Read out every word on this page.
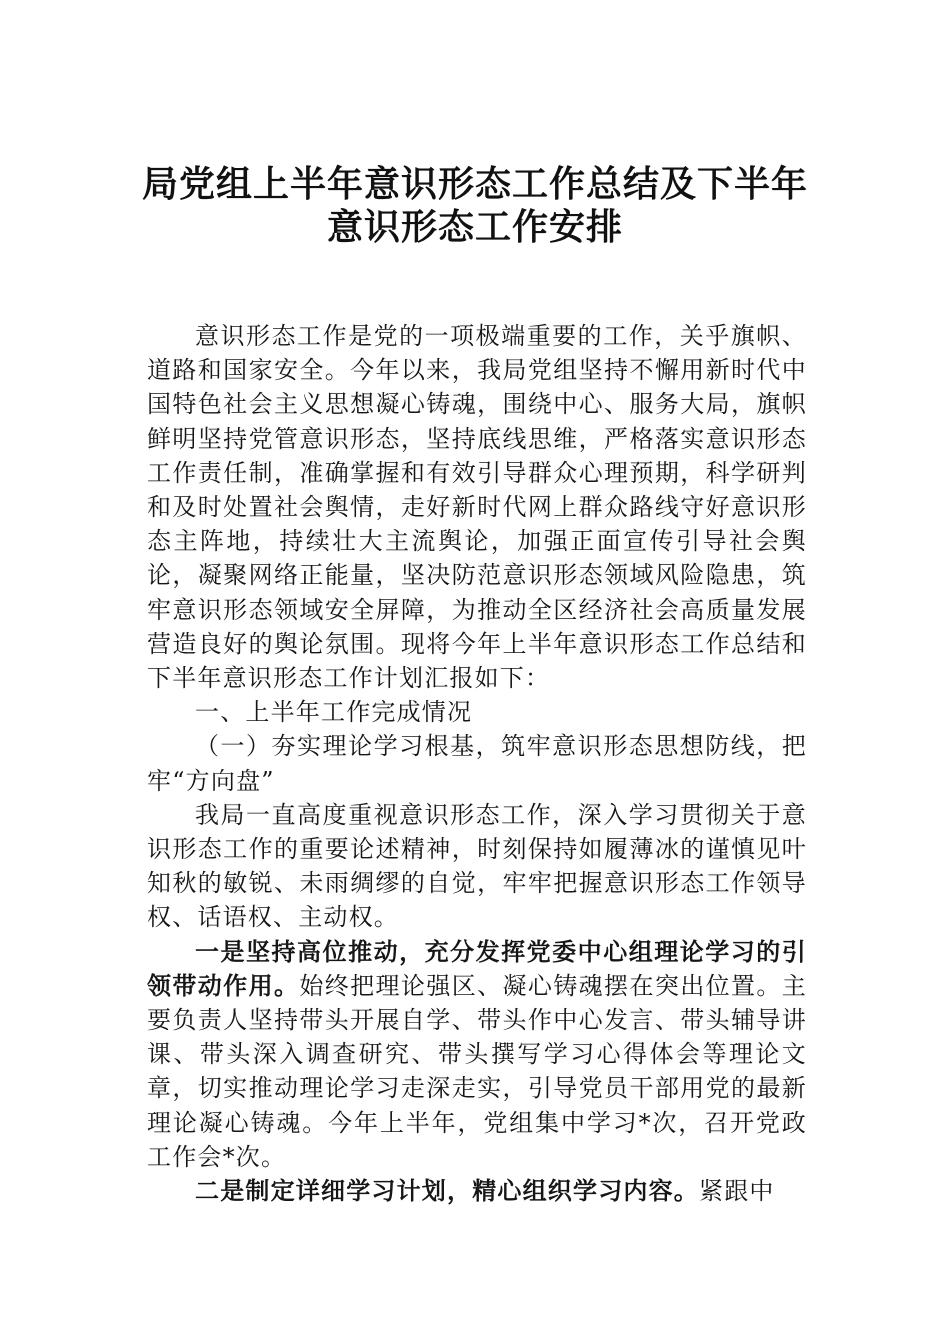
局党组上半年意识形态工作总结及下半年
意识形态工作安排

意识形态工作是党的一项极端重要的工作，关乎旗帜、道路和国家安全。今年以来，我局党组坚持不懈用新时代中国特色社会主义思想凝心铸魂，围绕中心、服务大局，旗帜鲜明坚持党管意识形态，坚持底线思维，严格落实意识形态工作责任制，准确掌握和有效引导群众心理预期，科学研判和及时处置社会舆情，走好新时代网上群众路线守好意识形态主阵地，持续壮大主流舆论，加强正面宣传引导社会舆论，凝聚网络正能量，坚决防范意识形态领域风险隐患，筑牢意识形态领域安全屏障，为推动全区经济社会高质量发展营造良好的舆论氛围。现将今年上半年意识形态工作总结和下半年意识形态工作计划汇报如下：

一、上半年工作完成情况

（一）夯实理论学习根基，筑牢意识形态思想防线，把牢“方向盘”

我局一直高度重视意识形态工作，深入学习贯彻关于意识形态工作的重要论述精神，时刻保持如履薄冰的谨慎见叶知秋的敏锐、未雨绸缪的自觉，牢牢把握意识形态工作领导权、话语权、主动权。

一是坚持高位推动，充分发挥党委中心组理论学习的引领带动作用。始终把理论强区、凝心铸魂摆在突出位置。主要负责人坚持带头开展自学、带头作中心发言、带头辅导讲课、带头深入调查研究、带头撰写学习心得体会等理论文章，切实推动理论学习走深走实，引导党员干部用党的最新理论凝心铸魂。今年上半年，党组集中学习*次，召开党政工作会*次。

二是制定详细学习计划，精心组织学习内容。紧跟中
